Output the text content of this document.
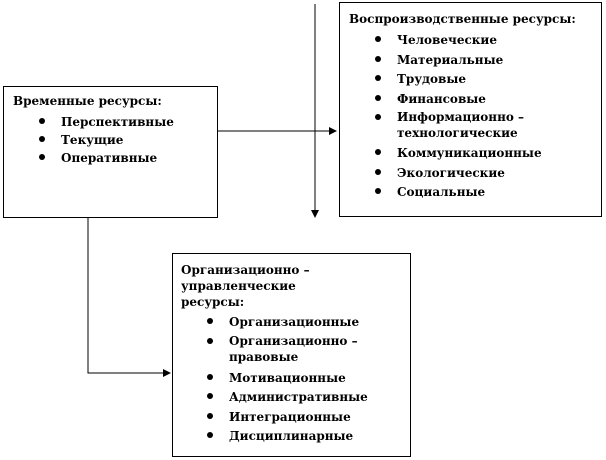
Временные ресурсы:
Перспективные
Текущие
Оперативные
Воспроизводственные ресурсы:
Человеческие
Материальные
Трудовые
Финансовые
Информационно – технологические
Коммуникационные
Экологические
Социальные
Организационно – управленческие ресурсы:
Организационные
Организационно – правовые
Мотивационные
Административные
Интеграционные
Дисциплинарные
